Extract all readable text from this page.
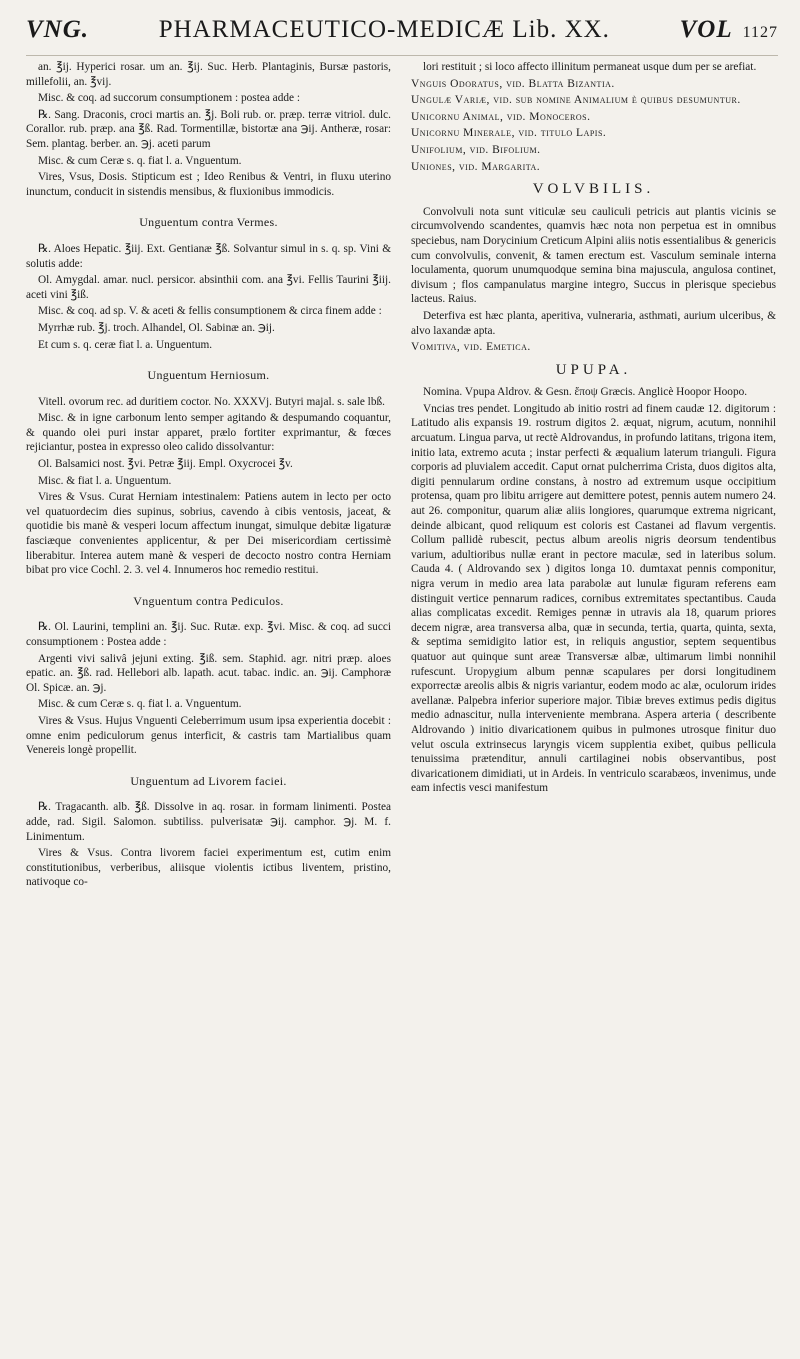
VNG.	PHARMACEUTICO-MEDICÆ Lib. XX.	VOL 1127

an. ℥ij. Hyperici rosar. um an. ℥ij. Suc. Herb. Plantaginis, Bursæ pastoris, millefolii, an. ℥vij.

Misc. & coq. ad succorum consumptionem : postea adde :

℞. Sang. Draconis, croci martis an. ℥j. Boli rub. or. præp. terræ vitriol. dulc. Corallor. rub. præp. ana ℥ß. Rad. Tormentillæ, bistortæ ana ℈ij. Antheræ, rosar: Sem. plantag. berber. an. ℈j. aceti parum

Misc. & cum Ceræ s. q. fiat l. a. Vnguentum.

Vires, Vsus, Dosis. Stipticum est ; Ideo Renibus & Ventri, in fluxu uterino inunctum, conducit in sistendis mensibus, & fluxionibus immodicis.

Unguentum contra Vermes.

℞. Aloes Hepatic. ℥iij. Ext. Gentianæ ℥ß. Solvantur simul in s. q. sp. Vini & solutis adde:

Ol. Amygdal. amar. nucl. persicor. absinthii com. ana ℥vi. Fellis Taurini ℥iij. aceti vini ℥iß.

Misc. & coq. ad sp. V. & aceti & fellis consumptionem & circa finem adde :

Myrrhæ rub. ℥j. troch. Alhandel, Ol. Sabinæ an. ℈ij.

Et cum s. q. ceræ fiat l. a. Unguentum.

Unguentum Herniosum.

Vitell. ovorum rec. ad duritiem coctor. No. XXXVj. Butyri majal. s. sale lbß.

Misc. & in igne carbonum lento semper agitando & despumando coquantur, & quando olei puri instar apparet, prælo fortiter exprimantur, & fœces rejiciantur, postea in expresso oleo calido dissolvantur:

Ol. Balsamici nost. ℥vi. Petræ ℥iij. Empl. Oxycrocei ℥v.

Misc. & fiat l. a. Unguentum.

Vires & Vsus. Curat Herniam intestinalem: Patiens autem in lecto per octo vel quatuordecim dies supinus, sobrius, cavendo à cibis ventosis, jaceat, & quotidie bis manè & vesperi locum affectum inungat, simulque debitæ ligaturæ fasciæque convenientes applicentur, & per Dei misericordiam certissimè liberabitur. Interea autem manè & vesperi de decocto nostro contra Herniam bibat pro vice Cochl. 2. 3. vel 4. Innumeros hoc remedio restitui.

Vnguentum contra Pediculos.

℞. Ol. Laurini, templini an. ℥ij. Suc. Rutæ. exp. ℥vi. Misc. & coq. ad succi consumptionem : Postea adde :

Argenti vivi salivâ jejuni exting. ℥iß. sem. Staphid. agr. nitri præp. aloes epatic. an. ℥ß. rad. Hellebori alb. lapath. acut. tabac. indic. an. ℈ij. Camphoræ Ol. Spicæ. an. ℈j.

Misc. & cum Ceræ s. q. fiat l. a. Vnguentum.

Vires & Vsus. Hujus Vnguenti Celeberrimum usum ipsa experientia docebit : omne enim pediculorum genus interficit, & castris tam Martialibus quam Venereis longè propellit.

Unguentum ad Livorem faciei.

℞. Tragacanth. alb. ℥ß. Dissolve in aq. rosar. in formam linimenti. Postea adde, rad. Sigil. Salomon. subtiliss. pulverisatæ ℈ij. camphor. ℈j. M. f. Linimentum.

Vires & Vsus. Contra livorem faciei experimentum est, cutim enim constitutionibus, verberibus, aliisque violentis ictibus liventem, pristino, nativoque co-

lori restituit ; si loco affecto illinitum permaneat usque dum per se arefiat.

Vnguis Odoratus, vid. Blatta Bizantia.

Ungulæ Variæ, vid. sub nomine Animalium è quibus desumuntur.

Unicornu Animal, vid. Monoceros.

Unicornu Minerale, vid. titulo Lapis.

Unifolium, vid. Bifolium.

Uniones, vid. Margarita.

VOLVBILIS.

Convolvuli nota sunt viticulæ seu cauliculi petricis aut plantis vicinis se circumvolvendo scandentes, quamvis hæc nota non perpetua est in omnibus speciebus, nam Dorycinium Creticum Alpini aliis notis essentialibus & genericis cum convolvulis, convenit, & tamen erectum est. Vasculum seminale interna loculamenta, quorum unumquodque semina bina majuscula, angulosa continet, divisum ; flos campanulatus margine integro, Succus in plerisque speciebus lacteus. Raius.

Deterfiva est hæc planta, aperitiva, vulneraria, asthmati, aurium ulceribus, & alvo laxandæ apta.

Vomitiva, vid. Emetica.

UPUPA.

Nomina. Vpupa Aldrov. & Gesn. ἔποψ Græcis. Anglicè Hoopor Hoopo.

Vncias tres pendet. Longitudo ab initio rostri ad finem caudæ 12. digitorum : Latitudo alis expansis 19. rostrum digitos 2. æquat, nigrum, acutum, nonnihil arcuatum. Lingua parva, ut rectè Aldrovandus, in profundo latitans, trigona item, initio lata, extremo acuta ; instar perfecti & æqualium laterum trianguli. Figura corporis ad pluvialem accedit. Caput ornat pulcherrima Crista, duos digitos alta, digiti pennularum ordine constans, à nostro ad extremum usque occipitium protensa, quam pro libitu arrigere aut demittere potest, pennis autem numero 24. aut 26. componitur, quarum aliæ aliis longiores, quarumque extrema nigricant, deinde albicant, quod reliquum est coloris est Castanei ad flavum vergentis. Collum pallidè rubescit, pectus album areolis nigris deorsum tendentibus varium, adultioribus nullæ erant in pectore maculæ, sed in lateribus solum. Cauda 4. ( Aldrovando sex ) digitos longa 10. dumtaxat pennis componitur, nigra verum in medio area lata parabolæ aut lunulæ figuram referens eam distinguit vertice pennarum radices, cornibus extremitates spectantibus. Cauda alias complicatas excedit. Remiges pennæ in utravis ala 18, quarum priores decem nigræ, area transversa alba, quæ in secunda, tertia, quarta, quinta, sexta, & septima semidigito latior est, in reliquis angustior, septem sequentibus quatuor aut quinque sunt areæ Transversæ albæ, ultimarum limbi nonnihil rufescunt. Uropygium album pennæ scapulares per dorsi longitudinem exporrectæ areolis albis & nigris variantur, eodem modo ac alæ, oculorum irides avellanæ. Palpebra inferior superiore major. Tibiæ breves extimus pedis digitus medio adnascitur, nulla interveniente membrana. Aspera arteria ( describente Aldrovando ) initio divaricationem quibus in pulmones utrosque finitur duo velut oscula extrinsecus laryngis vicem supplentia exibet, quibus pellicula tenuissima prætenditur, annuli cartilaginei nobis observantibus, post divaricationem dimidiati, ut in Ardeis. In ventriculo scarabæos, invenimus, unde eam infectis vesci manifestum
